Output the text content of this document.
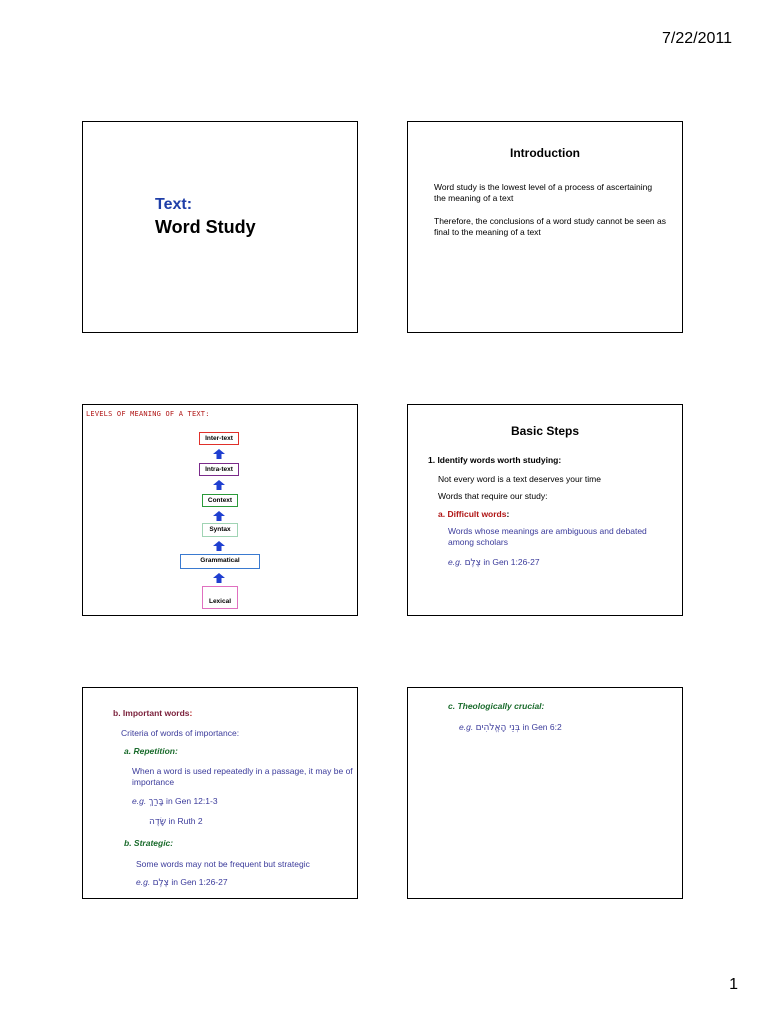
7/22/2011
Text:
Word Study
Introduction
Word study is the lowest level of a process of ascertaining the meaning of a text
Therefore, the conclusions of a word study cannot be seen as final to the meaning of a text
LEVELS OF MEANING OF A TEXT:
Inter-text
Intra-text
Context
Syntax
Grammatical
Lexical
Basic Steps
1. Identify words worth studying:
Not every word is a text deserves your time
Words that require our study:
a. Difficult words:
Words whose meanings are ambiguous and debated among scholars
e.g. צֶלֶם in Gen 1:26-27
b. Important words:
Criteria of words of importance:
a. Repetition:
When a word is used repeatedly in a passage, it may be of importance
e.g. בָּרַךְ in Gen 12:1-3
שָׂדֶה in Ruth 2
b. Strategic:
Some words may not be frequent but strategic
e.g. צֶלֶם in Gen 1:26-27
c. Theologically crucial:
e.g. בְּנֵי הָאֱלֹהִים in Gen 6:2
1
